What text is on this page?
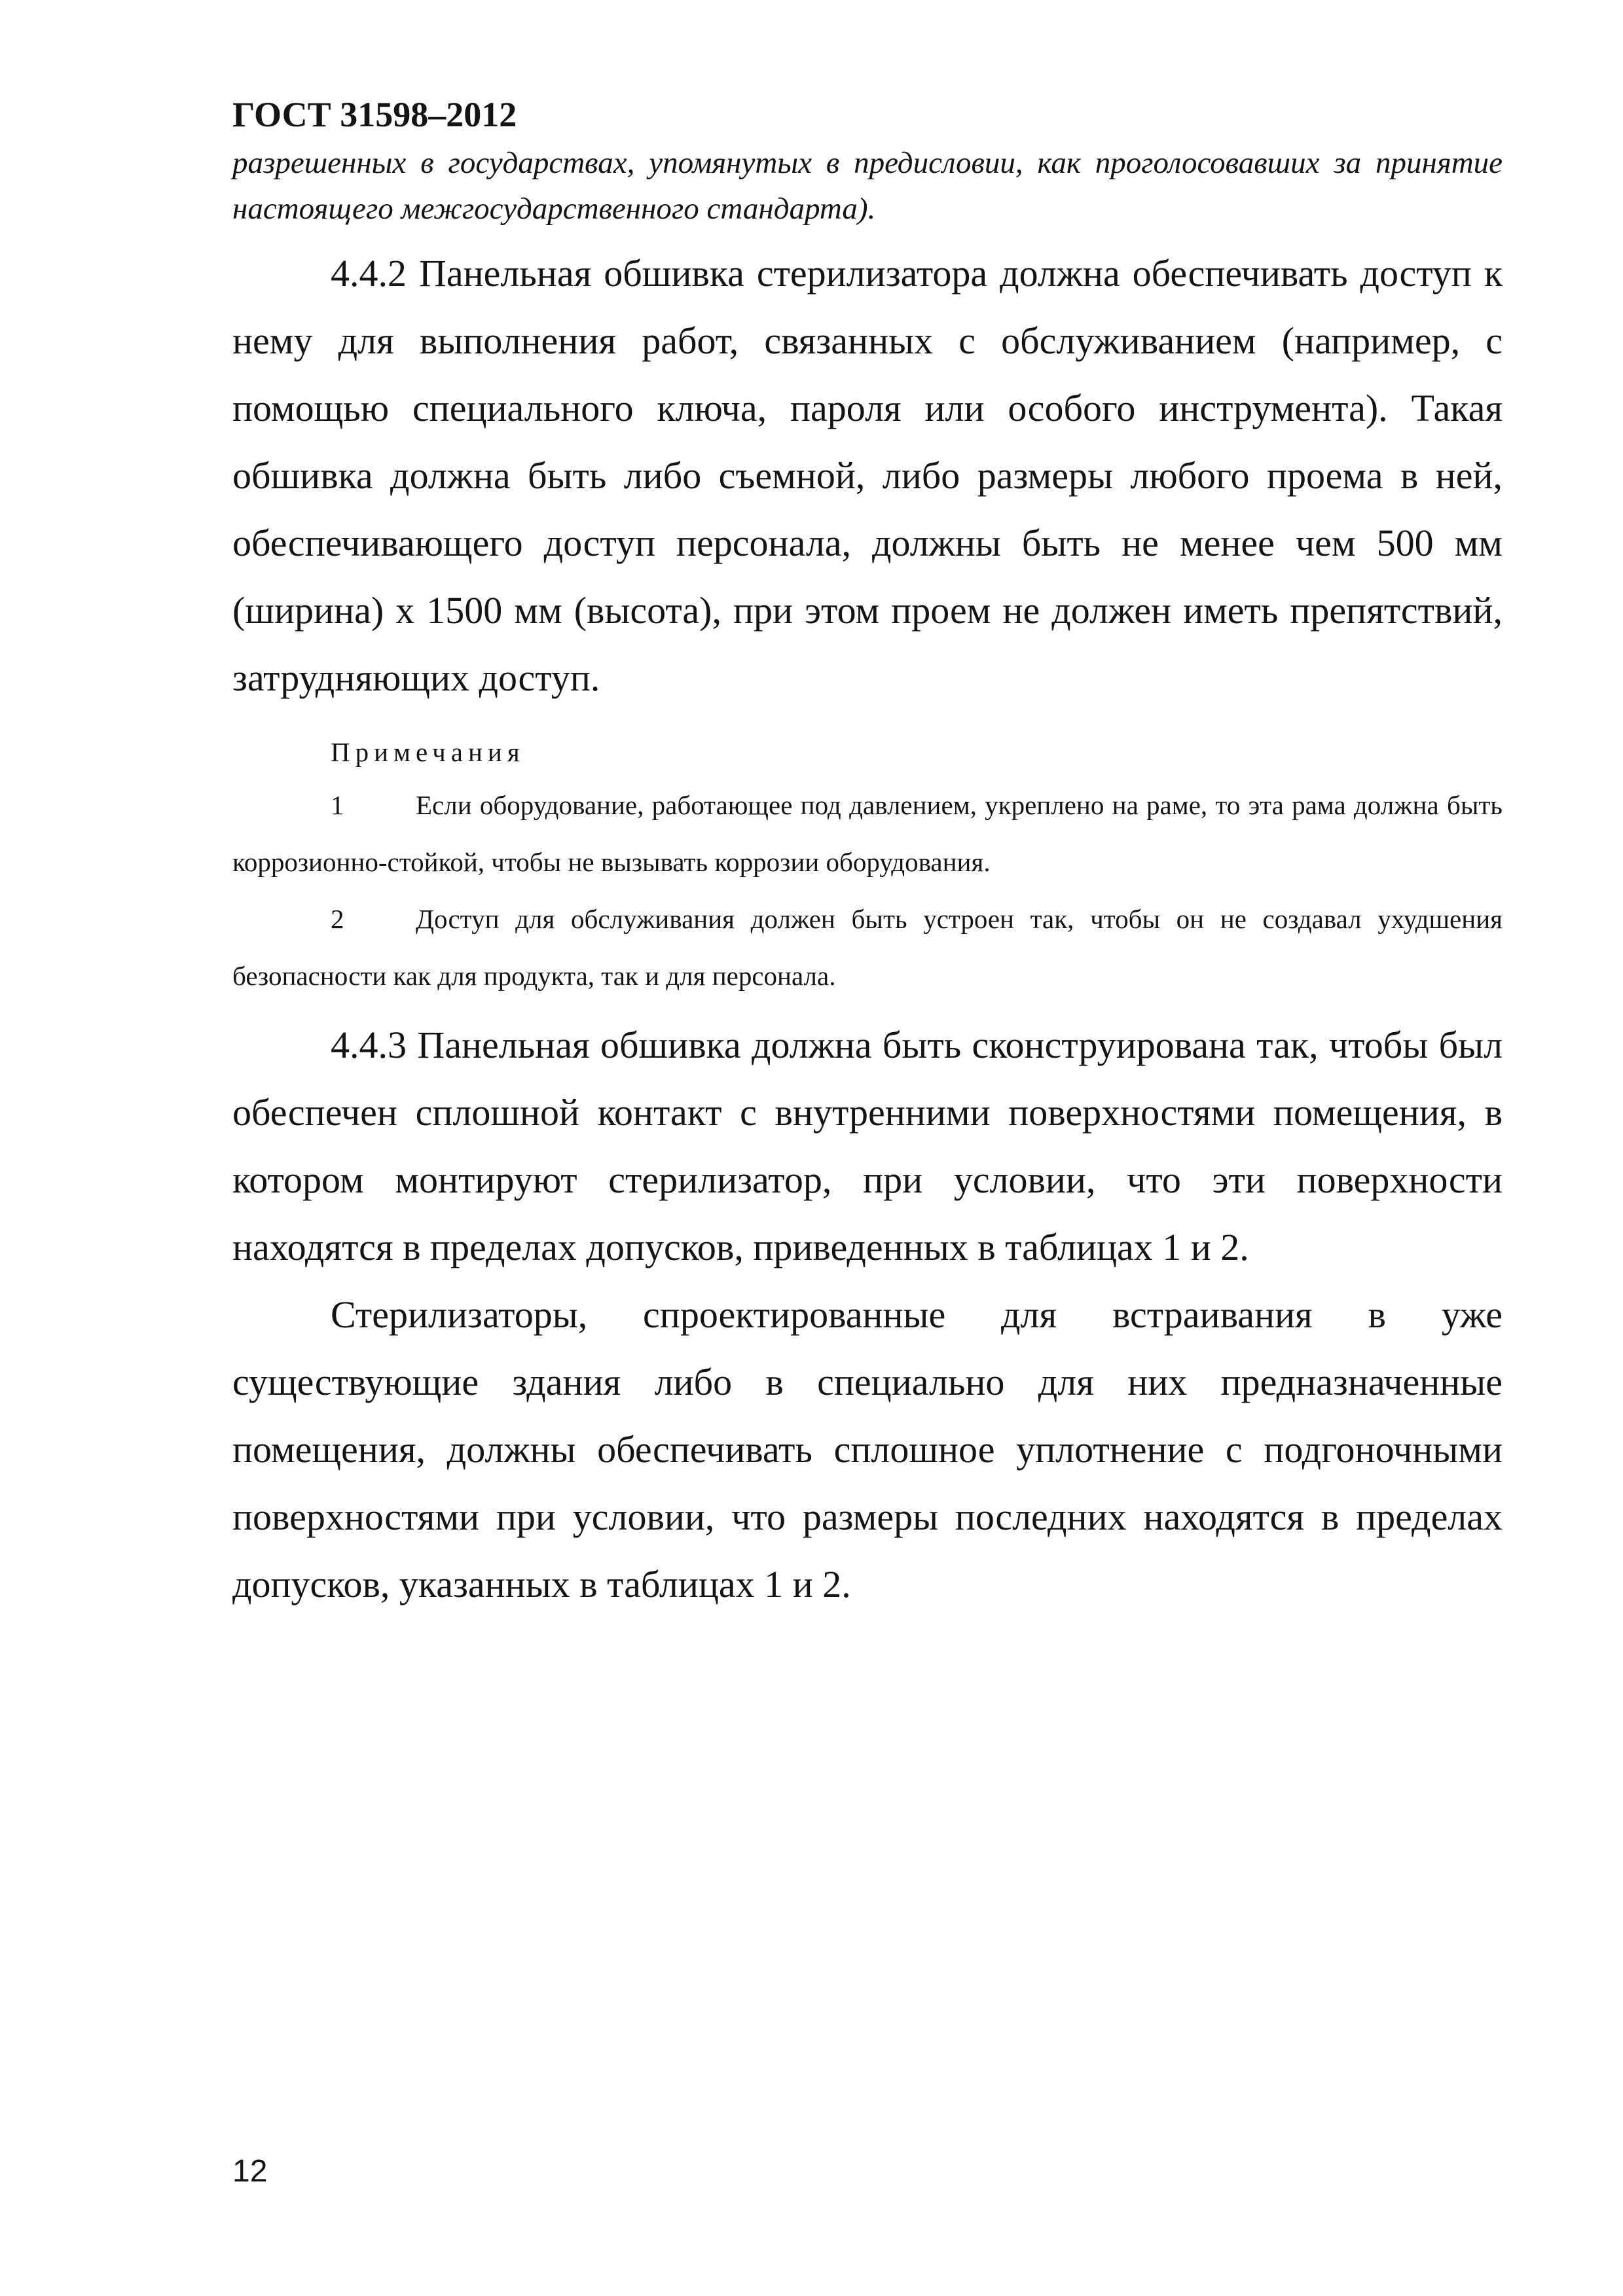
ГОСТ 31598–2012

разрешенных в государствах, упомянутых в предисловии, как проголосовавших за принятие настоящего межгосударственного стандарта).

4.4.2 Панельная обшивка стерилизатора должна обеспечивать доступ к нему для выполнения работ, связанных с обслуживанием (например, с помощью специального ключа, пароля или особого инструмента). Такая обшивка должна быть либо съемной, либо размеры любого проема в ней, обеспечивающего доступ персонала, должны быть не менее чем 500 мм (ширина) х 1500 мм (высота), при этом проем не должен иметь препятствий, затрудняющих доступ.

Примечания

1	Если оборудование, работающее под давлением, укреплено на раме, то эта рама должна быть коррозионно-стойкой, чтобы не вызывать коррозии оборудования.

2	Доступ для обслуживания должен быть устроен так, чтобы он не создавал ухудшения безопасности как для продукта, так и для персонала.

4.4.3 Панельная обшивка должна быть сконструирована так, чтобы был обеспечен сплошной контакт с внутренними поверхностями помещения, в котором монтируют стерилизатор, при условии, что эти поверхности находятся в пределах допусков, приведенных в таблицах 1 и 2.

Стерилизаторы, спроектированные для встраивания в уже существующие здания либо в специально для них предназначенные помещения, должны обеспечивать сплошное уплотнение с подгоночными поверхностями при условии, что размеры последних находятся в пределах допусков, указанных в таблицах 1 и 2.

12
